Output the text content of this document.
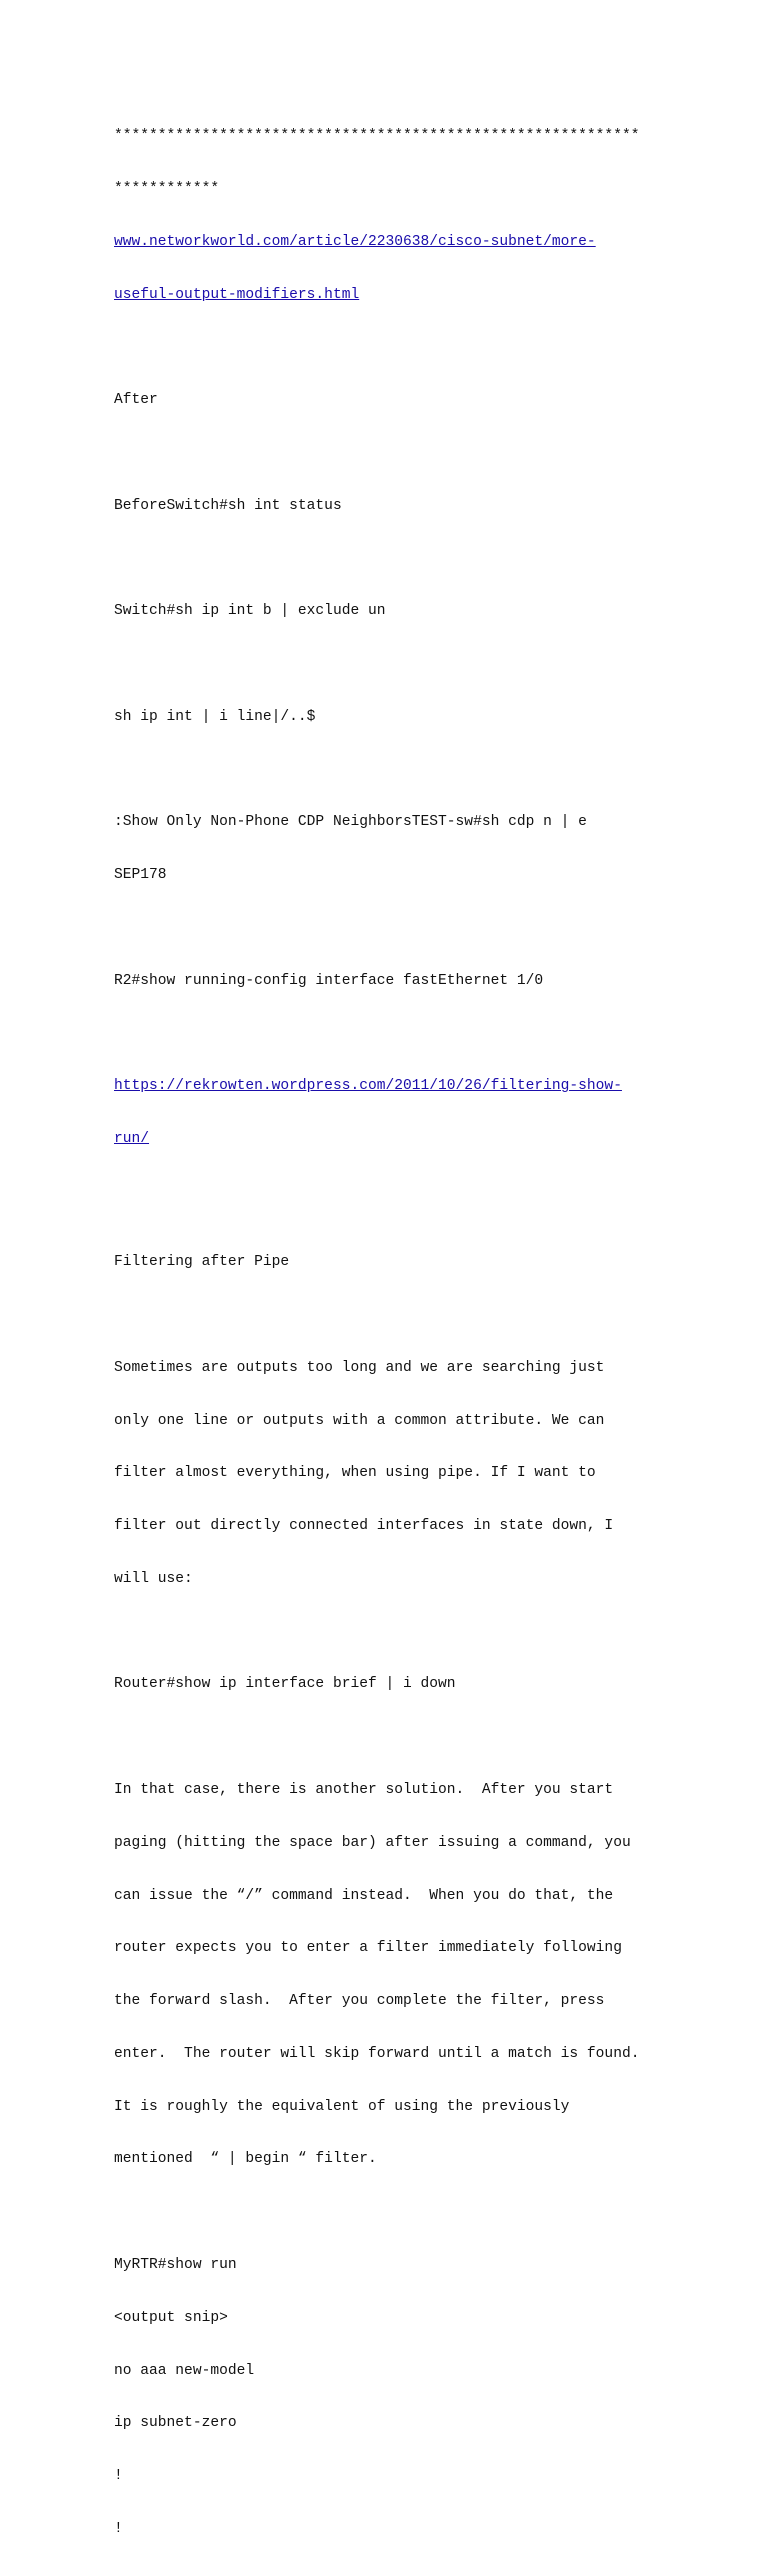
************************************************************

************

www.networkworld.com/article/2230638/cisco-subnet/more-

useful-output-modifiers.html

After

BeforeSwitch#sh int status

Switch#sh ip int b | exclude un

sh ip int | i line|/..$

:Show Only Non-Phone CDP NeighborsTEST-sw#sh cdp n | e

SEP178

R2#show running-config interface fastEthernet 1/0

https://rekrowten.wordpress.com/2011/10/26/filtering-show-

run/

Filtering after Pipe

Sometimes are outputs too long and we are searching just

only one line or outputs with a common attribute. We can

filter almost everything, when using pipe. If I want to

filter out directly connected interfaces in state down, I

will use:

Router#show ip interface brief | i down

In that case, there is another solution.  After you start

paging (hitting the space bar) after issuing a command, you

can issue the “/” command instead.  When you do that, the

router expects you to enter a filter immediately following

the forward slash.  After you complete the filter, press

enter.  The router will skip forward until a match is found.

It is roughly the equivalent of using the previously

mentioned  “ | begin “ filter.

MyRTR#show run

<output snip>

no aaa new-model

ip subnet-zero

!

!
